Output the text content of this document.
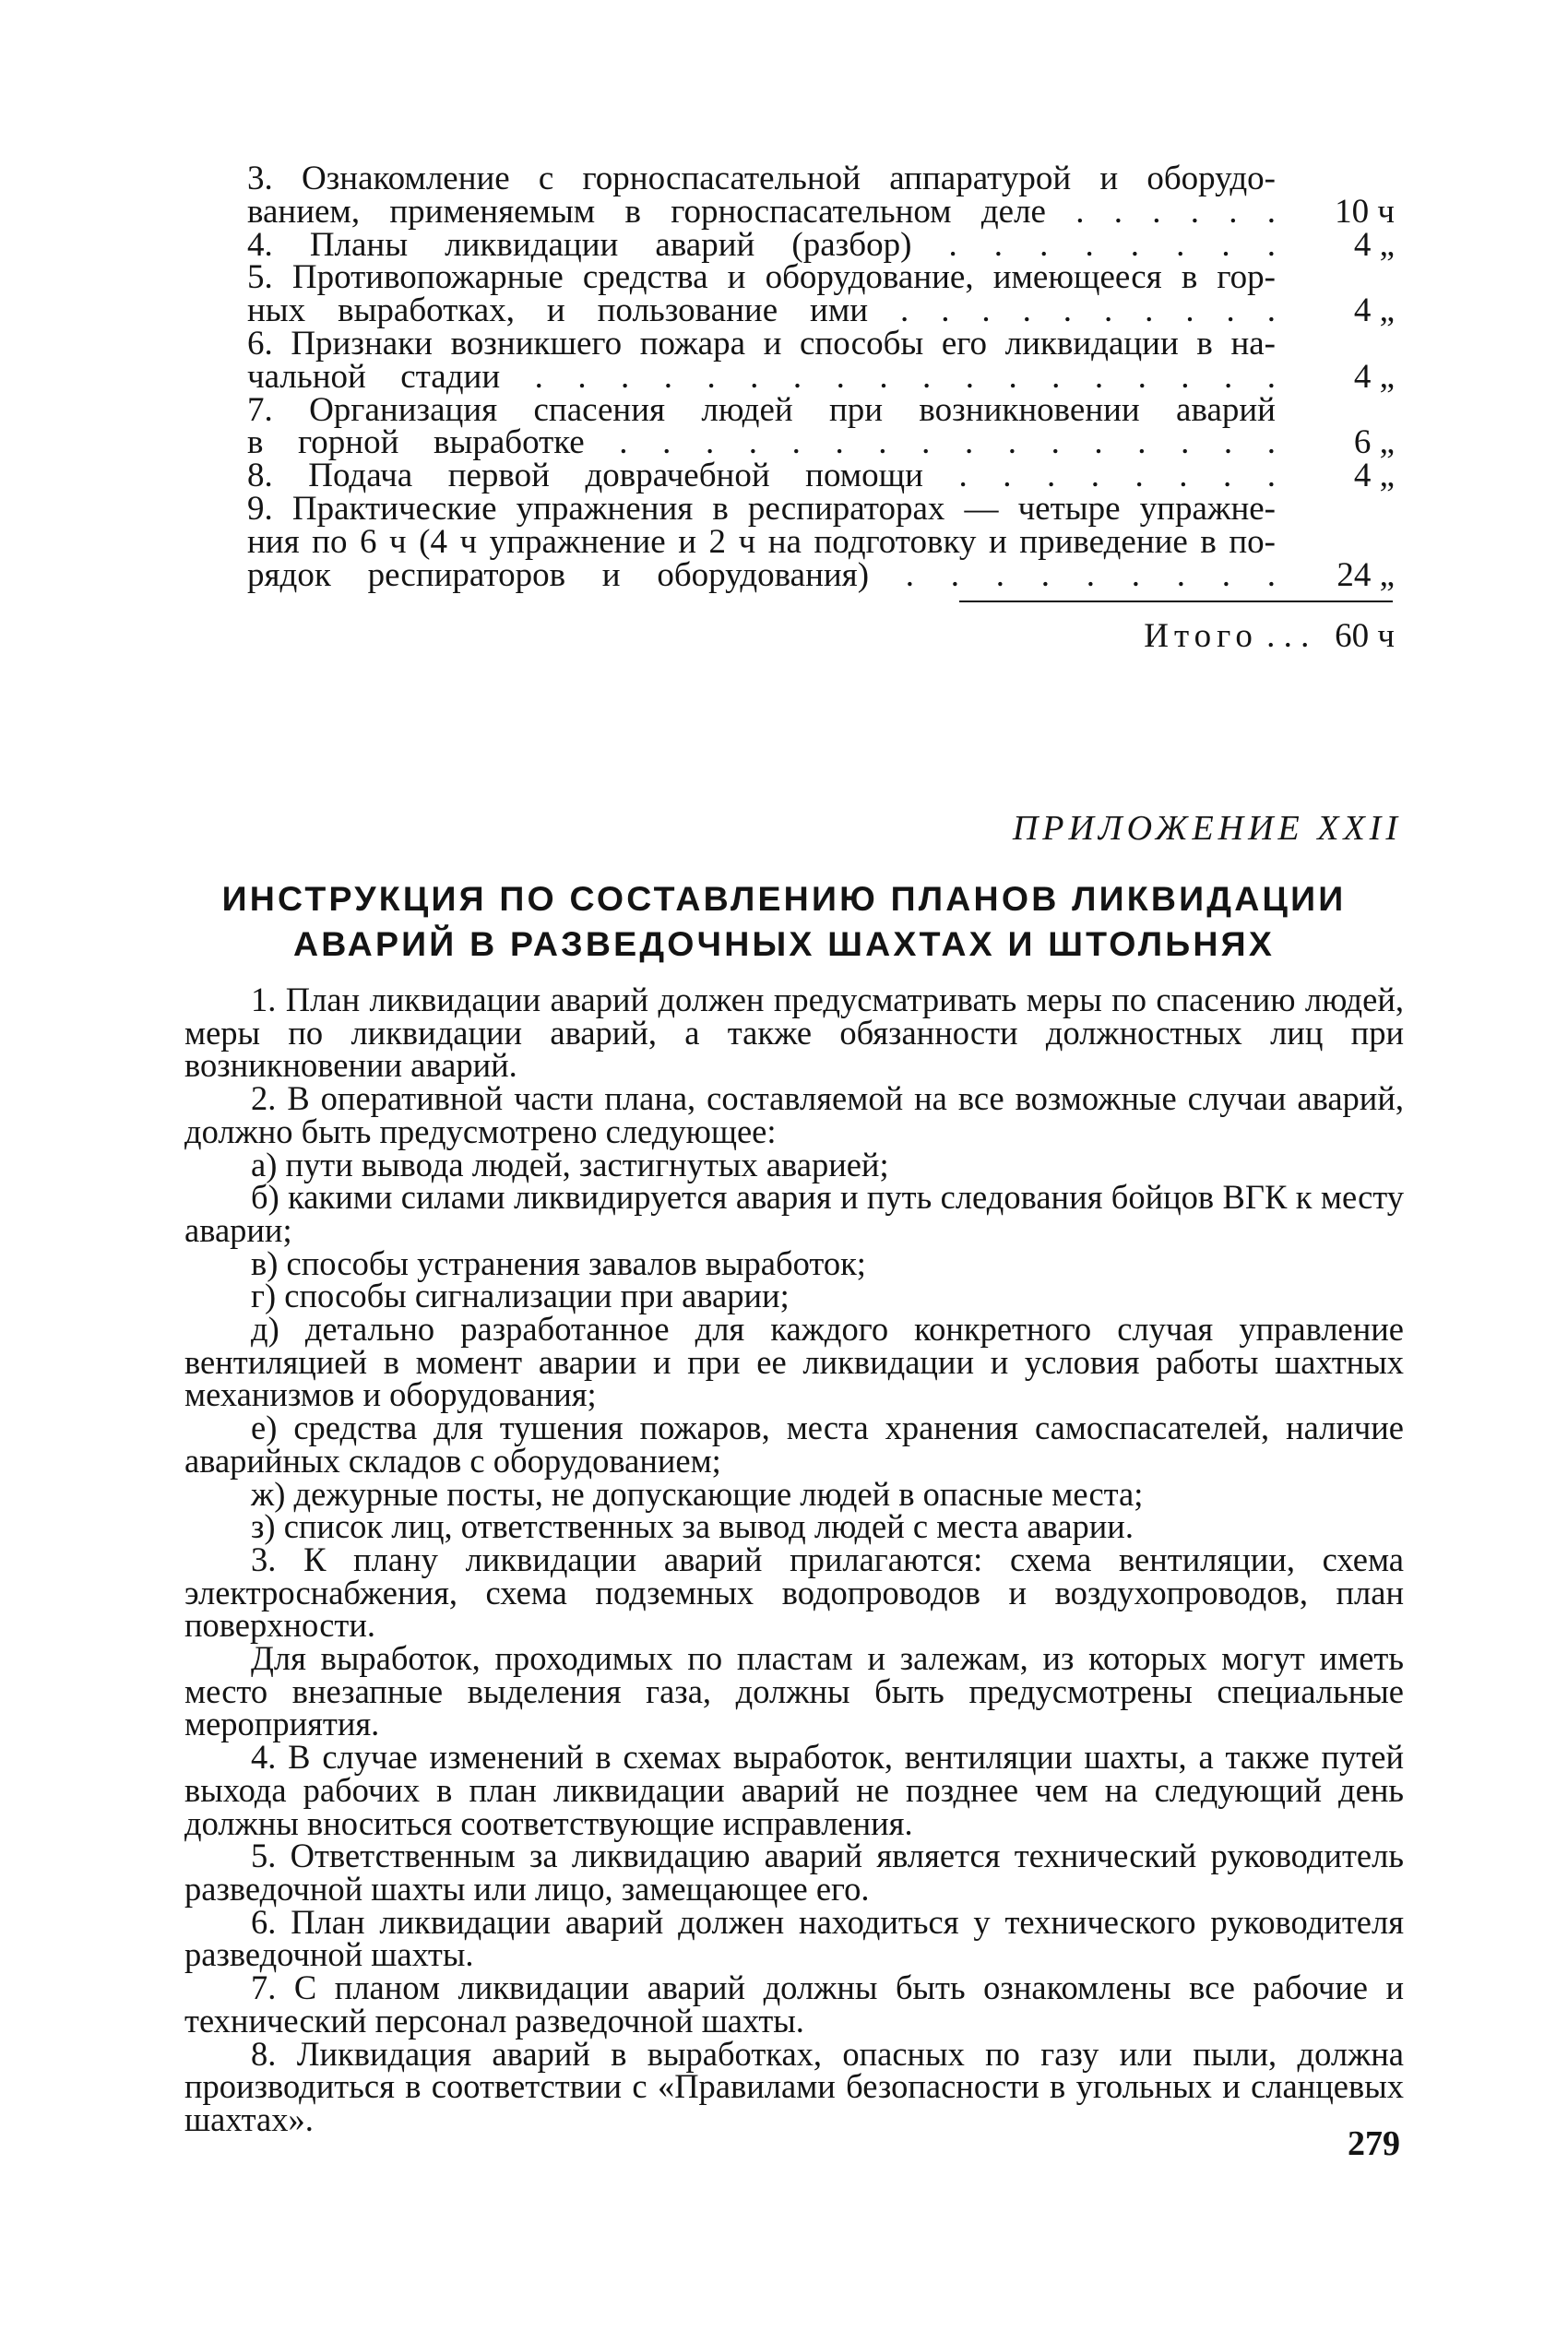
3. Ознакомление с горноспасательной аппаратурой и оборудо-
ванием, применяемым в горноспасательном деле . . . . . .	10 ч
4. Планы ликвидации аварий (разбор) . . . . . . . .	4 „
5. Противопожарные средства и оборудование, имеющееся в гор-
ных выработках, и пользование ими . . . . . . . . . .	4 „
6. Признаки возникшего пожара и способы его ликвидации в на-
чальной стадии . . . . . . . . . . . . . . . . . .	4 „
7. Организация спасения людей при возникновении аварий
в горной выработке . . . . . . . . . . . . . . . .	6 „
8. Подача первой доврачебной помощи . . . . . . . .	4 „
9. Практические упражнения в респираторах — четыре упражне-
ния по 6 ч (4 ч упражнение и 2 ч на подготовку и приведение в по-
рядок респираторов и оборудования) . . . . . . . . .	24 „
Итого . . . 60 ч
ПРИЛОЖЕНИЕ XXII
ИНСТРУКЦИЯ ПО СОСТАВЛЕНИЮ ПЛАНОВ ЛИКВИДАЦИИ
АВАРИЙ В РАЗВЕДОЧНЫХ ШАХТАХ И ШТОЛЬНЯХ

1. План ликвидации аварий должен предусматривать меры по спасению людей, меры по ликвидации аварий, а также обязанности должностных лиц при возникновении аварий.

2. В оперативной части плана, составляемой на все возможные случаи аварий, должно быть предусмотрено следующее:

а) пути вывода людей, застигнутых аварией;

б) какими силами ликвидируется авария и путь следования бойцов ВГК к месту аварии;

в) способы устранения завалов выработок;

г) способы сигнализации при аварии;

д) детально разработанное для каждого конкретного случая управление вентиляцией в момент аварии и при ее ликвидации и условия работы шахтных механизмов и оборудования;

е) средства для тушения пожаров, места хранения самоспасателей, наличие аварийных складов с оборудованием;

ж) дежурные посты, не допускающие людей в опасные места;

з) список лиц, ответственных за вывод людей с места аварии.

3. К плану ликвидации аварий прилагаются: схема вентиляции, схема электроснабжения, схема подземных водопроводов и воздухопроводов, план поверхности.

Для выработок, проходимых по пластам и залежам, из которых могут иметь место внезапные выделения газа, должны быть предусмотрены специальные мероприятия.

4. В случае изменений в схемах выработок, вентиляции шахты, а также путей выхода рабочих в план ликвидации аварий не позднее чем на следующий день должны вноситься соответствующие исправления.

5. Ответственным за ликвидацию аварий является технический руководитель разведочной шахты или лицо, замещающее его.

6. План ликвидации аварий должен находиться у технического руководителя разведочной шахты.

7. С планом ликвидации аварий должны быть ознакомлены все рабочие и технический персонал разведочной шахты.

8. Ликвидация аварий в выработках, опасных по газу или пыли, должна производиться в соответствии с «Правилами безопасности в угольных и сланцевых шахтах».

279
